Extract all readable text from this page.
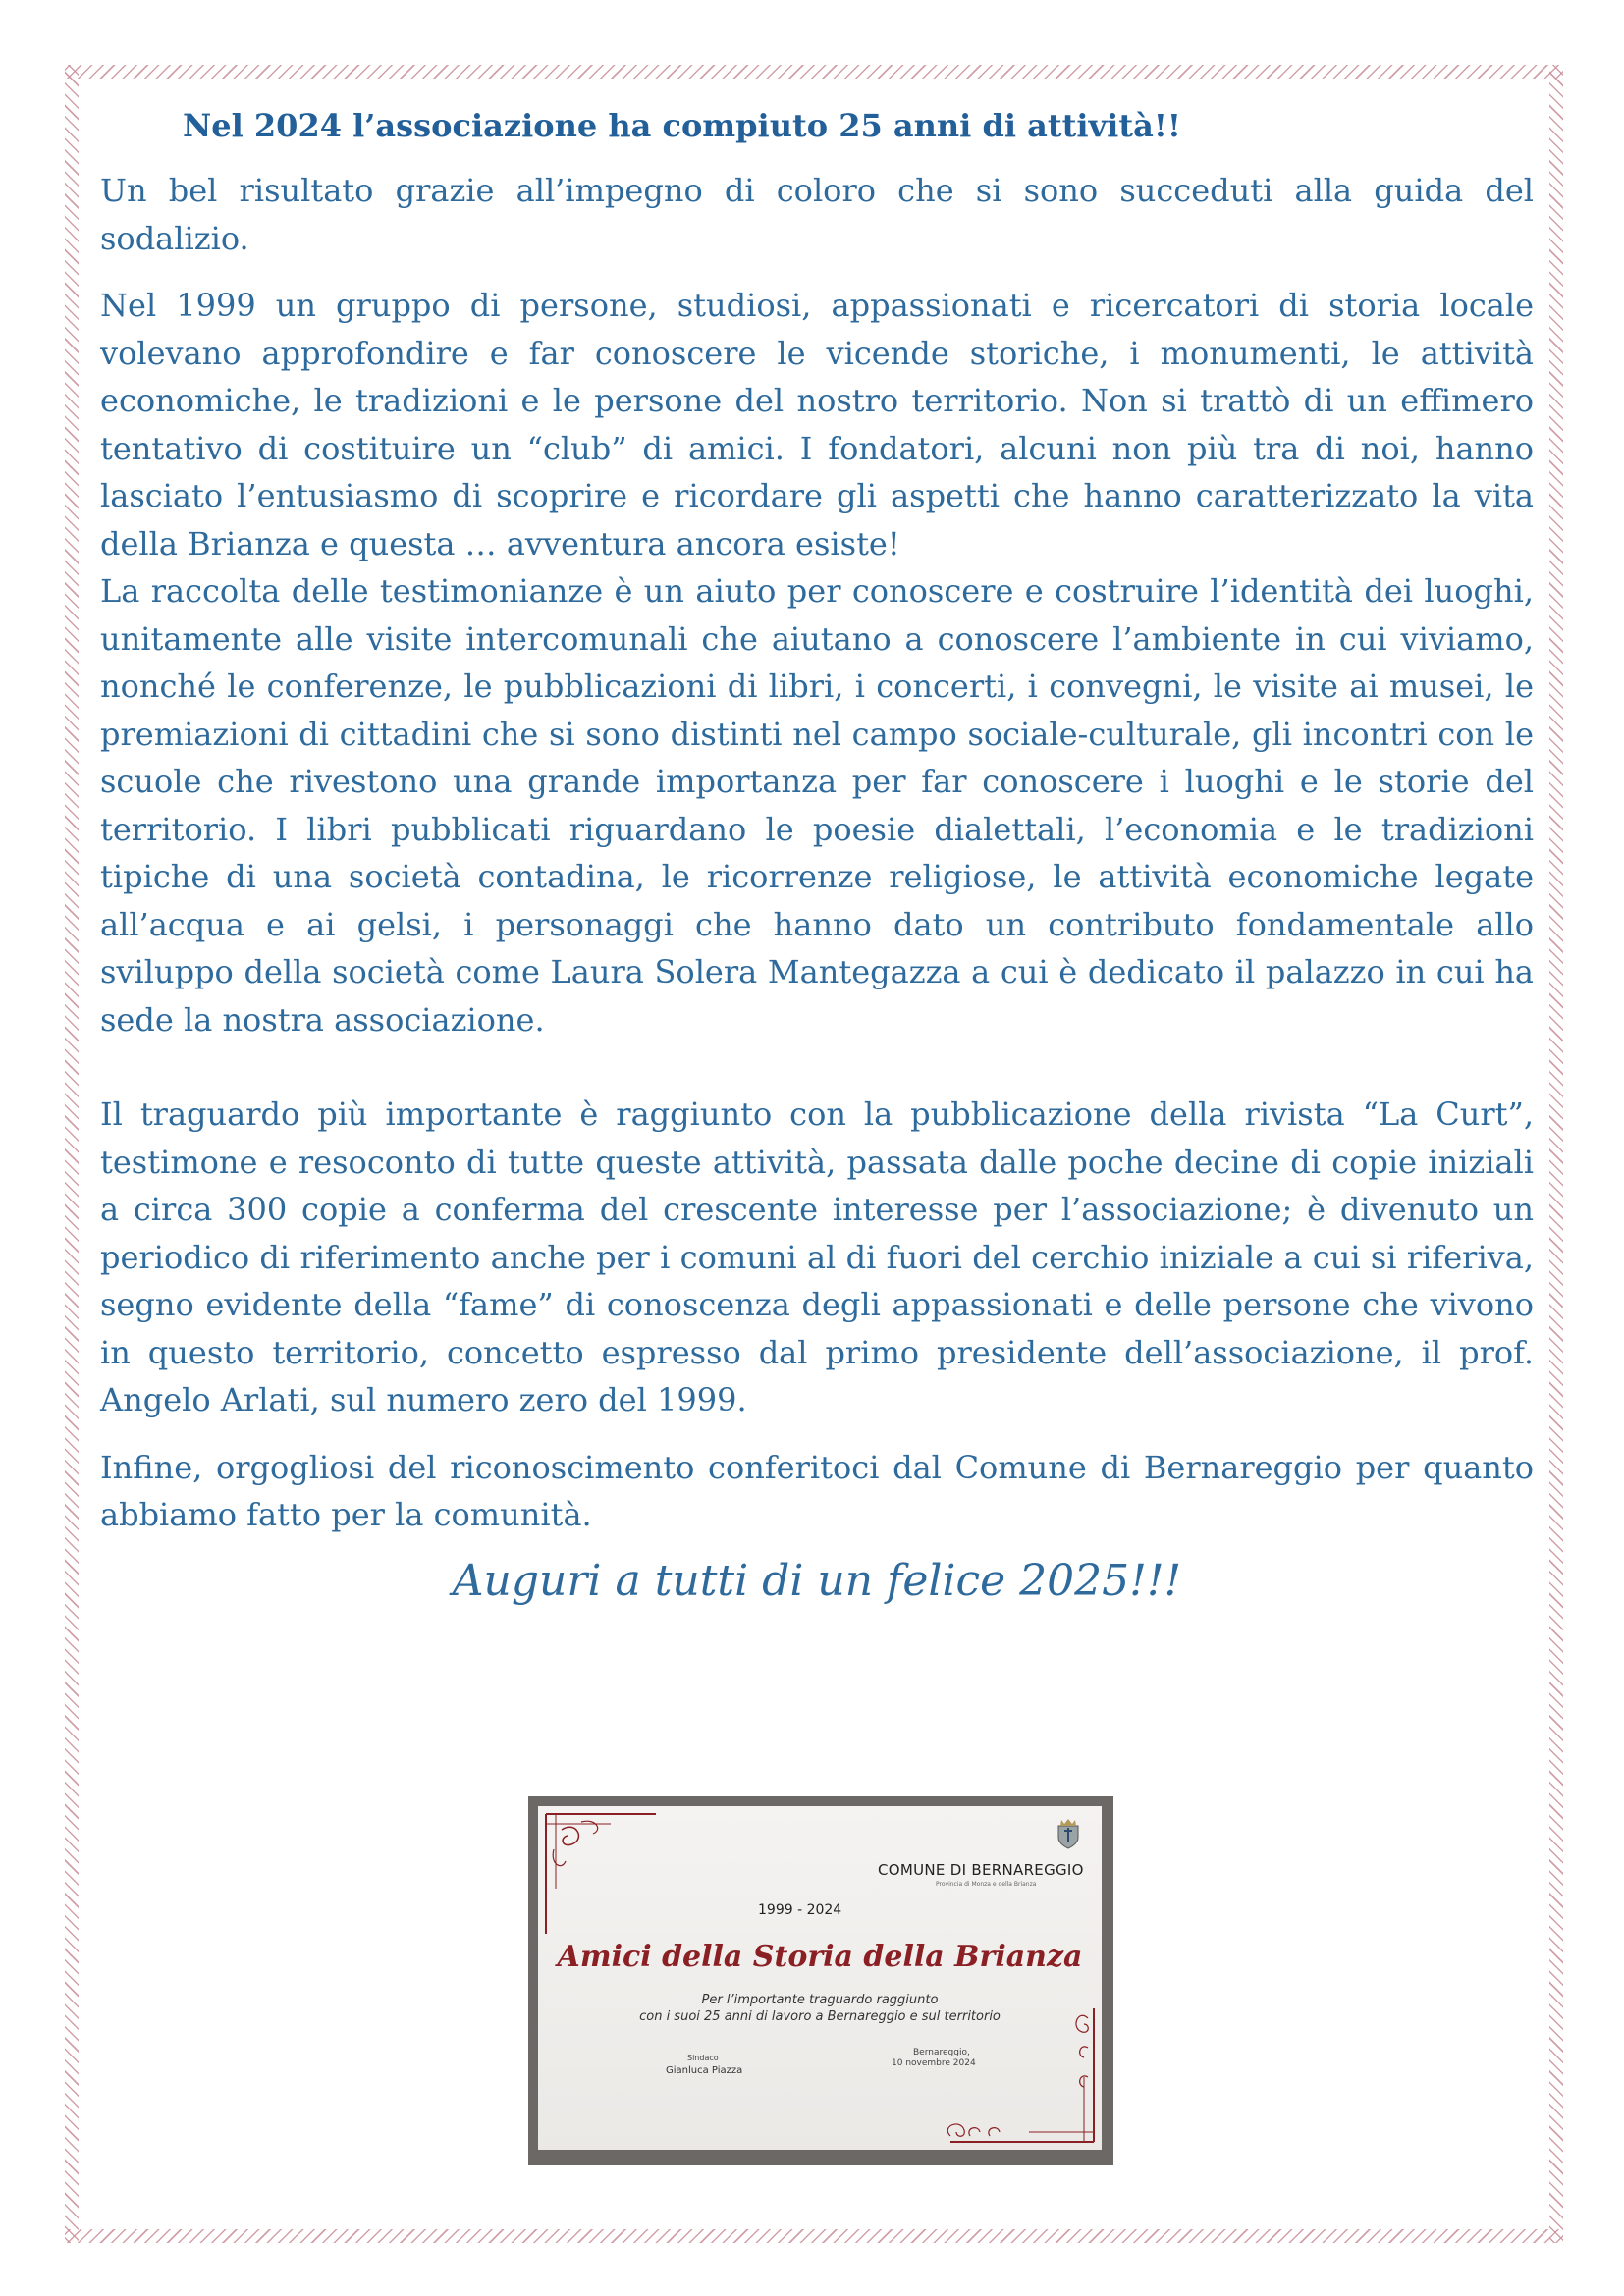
Nel 2024 l’associazione ha compiuto 25 anni di attività!!

Un bel risultato grazie all’impegno di coloro che si sono succeduti alla guida del sodalizio.

Nel 1999 un gruppo di persone, studiosi, appassionati e ricercatori di storia locale volevano approfondire e far conoscere le vicende storiche, i monumenti, le attività economiche, le tradizioni e le persone del nostro territorio. Non si trattò di un effimero tentativo di costituire un “club” di amici. I fondatori, alcuni non più tra di noi, hanno lasciato l’entusiasmo di scoprire e ricordare gli aspetti che hanno caratterizzato la vita della Brianza e questa … avventura ancora esiste!

La raccolta delle testimonianze è un aiuto per conoscere e costruire l’identità dei luoghi, unitamente alle visite intercomunali che aiutano a conoscere l’ambiente in cui viviamo, nonché le conferenze, le pubblicazioni di libri, i concerti, i convegni, le visite ai musei, le premiazioni di cittadini che si sono distinti nel campo sociale-culturale, gli incontri con le scuole che rivestono una grande importanza per far conoscere i luoghi e le storie del territorio. I libri pubblicati riguardano le poesie dialettali, l’economia e le tradizioni tipiche di una società contadina, le ricorrenze religiose, le attività economiche legate all’acqua e ai gelsi, i personaggi che hanno dato un contributo fondamentale allo sviluppo della società come Laura Solera Mantegazza a cui è dedicato il palazzo in cui ha sede la nostra associazione.

Il traguardo più importante è raggiunto con la pubblicazione della rivista “La Curt”, testimone e resoconto di tutte queste attività, passata dalle poche decine di copie iniziali a circa 300 copie a conferma del crescente interesse per l’associazione; è divenuto un periodico di riferimento anche per i comuni al di fuori del cerchio iniziale a cui si riferiva, segno evidente della “fame” di conoscenza degli appassionati e delle persone che vivono in questo territorio, concetto espresso dal primo presidente dell’associazione, il prof. Angelo Arlati, sul numero zero del 1999.

Infine, orgogliosi del riconoscimento conferitoci dal Comune di Bernareggio per quanto abbiamo fatto per la comunità.

Auguri a tutti di un felice 2025!!!

COMUNE DI BERNAREGGIO
Provincia di Monza e della Brianza
1999 - 2024
Amici della Storia della Brianza
Per l’importante traguardo raggiunto
con i suoi 25 anni di lavoro a Bernareggio e sul territorio
Sindaco
Gianluca Piazza
Bernareggio,
10 novembre 2024
